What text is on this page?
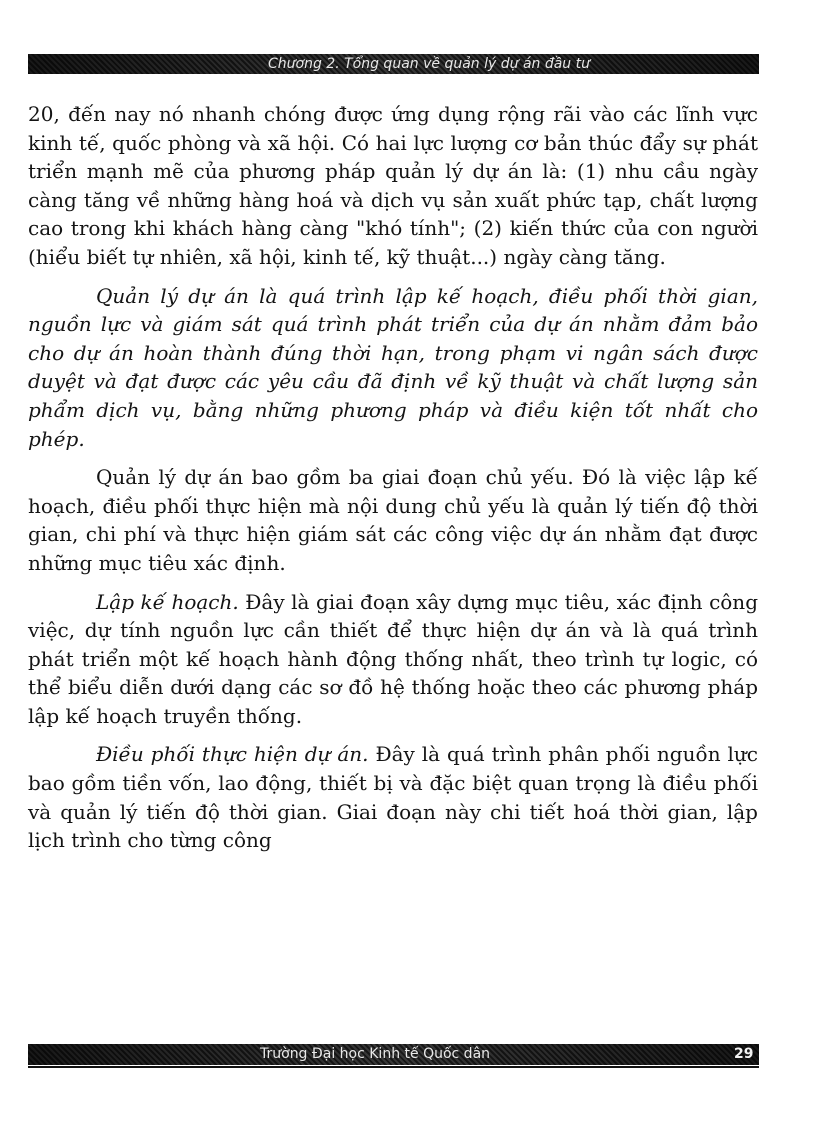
Chương 2. Tổng quan về quản lý dự án đầu tư

20, đến nay nó nhanh chóng được ứng dụng rộng rãi vào các lĩnh vực kinh tế, quốc phòng và xã hội. Có hai lực lượng cơ bản thúc đẩy sự phát triển mạnh mẽ của phương pháp quản lý dự án là: (1) nhu cầu ngày càng tăng về những hàng hoá và dịch vụ sản xuất phức tạp, chất lượng cao trong khi khách hàng càng "khó tính"; (2) kiến thức của con người (hiểu biết tự nhiên, xã hội, kinh tế, kỹ thuật...) ngày càng tăng.

Quản lý dự án là quá trình lập kế hoạch, điều phối thời gian, nguồn lực và giám sát quá trình phát triển của dự án nhằm đảm bảo cho dự án hoàn thành đúng thời hạn, trong phạm vi ngân sách được duyệt và đạt được các yêu cầu đã định về kỹ thuật và chất lượng sản phẩm dịch vụ, bằng những phương pháp và điều kiện tốt nhất cho phép.

Quản lý dự án bao gồm ba giai đoạn chủ yếu. Đó là việc lập kế hoạch, điều phối thực hiện mà nội dung chủ yếu là quản lý tiến độ thời gian, chi phí và thực hiện giám sát các công việc dự án nhằm đạt được những mục tiêu xác định.

Lập kế hoạch. Đây là giai đoạn xây dựng mục tiêu, xác định công việc, dự tính nguồn lực cần thiết để thực hiện dự án và là quá trình phát triển một kế hoạch hành động thống nhất, theo trình tự logic, có thể biểu diễn dưới dạng các sơ đồ hệ thống hoặc theo các phương pháp lập kế hoạch truyền thống.

Điều phối thực hiện dự án. Đây là quá trình phân phối nguồn lực bao gồm tiền vốn, lao động, thiết bị và đặc biệt quan trọng là điều phối và quản lý tiến độ thời gian. Giai đoạn này chi tiết hoá thời gian, lập lịch trình cho từng công

Trường Đại học Kinh tế Quốc dân	29
